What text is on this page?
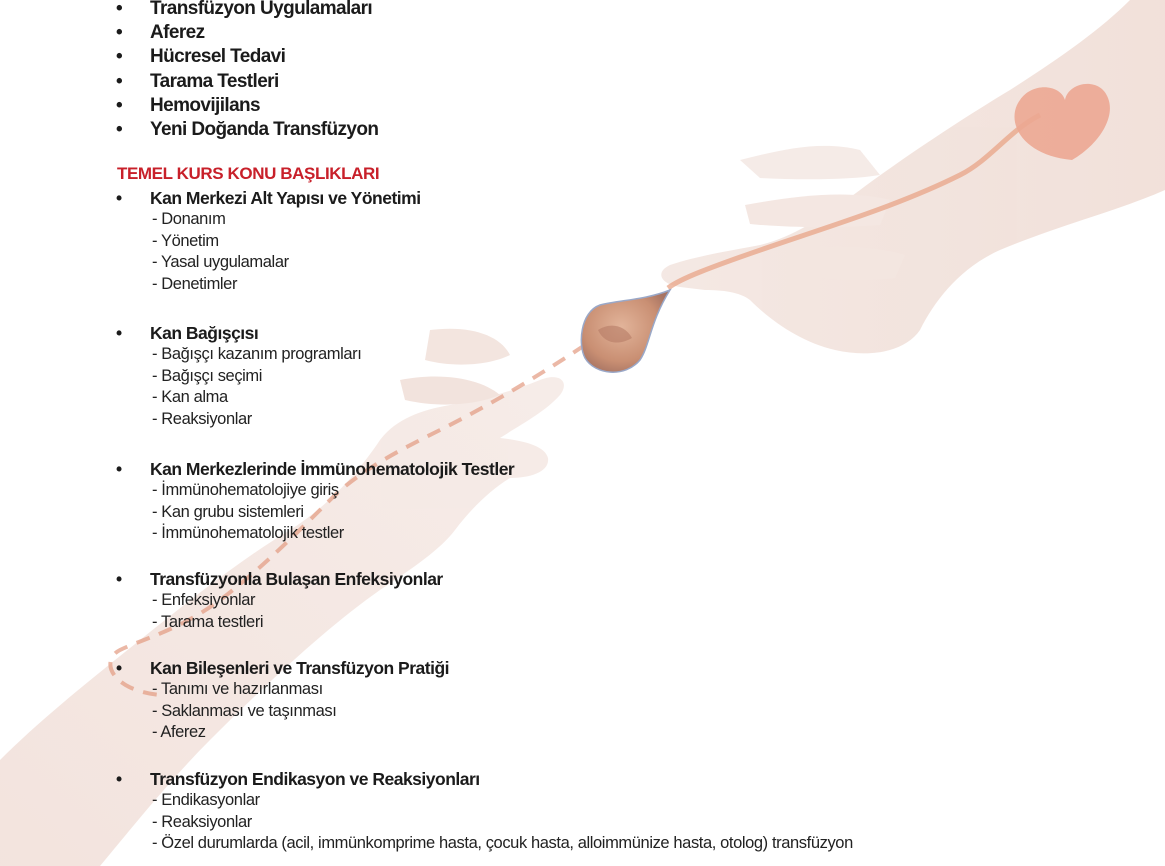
• Transfüzyon Uygulamaları
• Aferez
• Hücresel Tedavi
• Tarama Testleri
• Hemovijilans
• Yeni Doğanda Transfüzyon
TEMEL KURS KONU BAŞLIKLARI
• Kan Merkezi Alt Yapısı ve Yönetimi
- Donanım
- Yönetim
- Yasal uygulamalar
- Denetimler
• Kan Bağışçısı
- Bağışçı kazanım programları
- Bağışçı seçimi
- Kan alma
- Reaksiyonlar
• Kan Merkezlerinde İmmünohematolojik Testler
- İmmünohematolojiye giriş
- Kan grubu sistemleri
- İmmünohematolojik testler
• Transfüzyonla Bulaşan Enfeksiyonlar
- Enfeksiyonlar
- Tarama testleri
• Kan Bileşenleri ve Transfüzyon Pratiği
- Tanımı ve hazırlanması
- Saklanması ve taşınması
- Aferez
• Transfüzyon Endikasyon ve Reaksiyonları
- Endikasyonlar
- Reaksiyonlar
- Özel durumlarda (acil, immünkomprime hasta, çocuk hasta, alloimmünize hasta, otolog) transfüzyon
